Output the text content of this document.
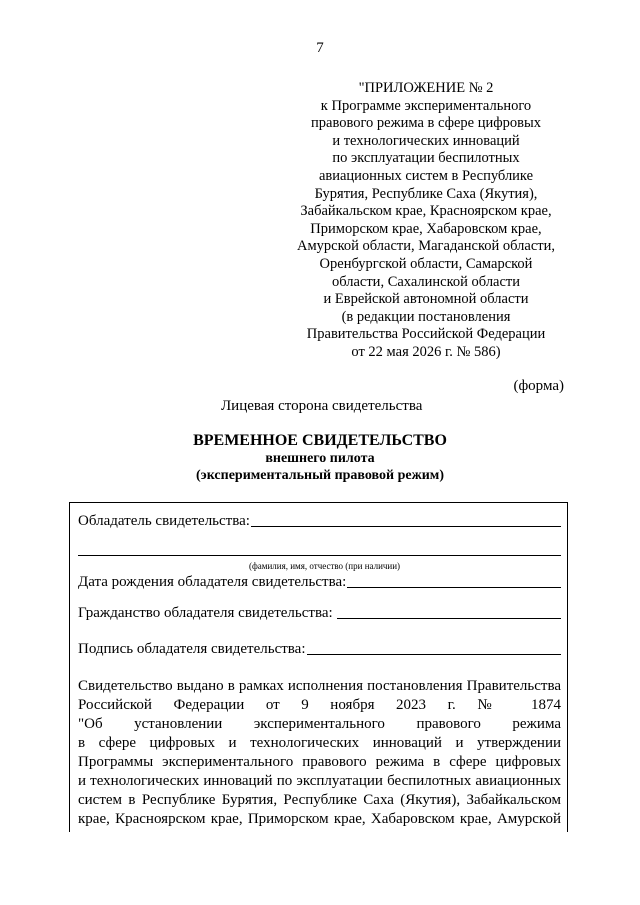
7
"ПРИЛОЖЕНИЕ № 2
к Программе экспериментального
правового режима в сфере цифровых
и технологических инноваций
по эксплуатации беспилотных
авиационных систем в Республике
Бурятия, Республике Саха (Якутия),
Забайкальском крае, Красноярском крае,
Приморском крае, Хабаровском крае,
Амурской области, Магаданской области,
Оренбургской области, Самарской
области, Сахалинской области
и Еврейской автономной области
(в редакции постановления
Правительства Российской Федерации
от 22 мая 2026 г. № 586)
(форма)
Лицевая сторона свидетельства
ВРЕМЕННОЕ СВИДЕТЕЛЬСТВО
внешнего пилота
(экспериментальный правовой режим)
Обладатель свидетельства:
(фамилия, имя, отчество (при наличии)
Дата рождения обладателя свидетельства:
Гражданство обладателя свидетельства:
Подпись обладателя свидетельства:
Свидетельство выдано в рамках исполнения постановления Правительства
Российской Федерации от 9 ноября 2023 г. № 1874
"Об установлении экспериментального правового режима
в сфере цифровых и технологических инноваций и утверждении
Программы экспериментального правового режима в сфере цифровых
и технологических инноваций по эксплуатации беспилотных авиационных
систем в Республике Бурятия, Республике Саха (Якутия), Забайкальском
крае, Красноярском крае, Приморском крае, Хабаровском крае, Амурской
